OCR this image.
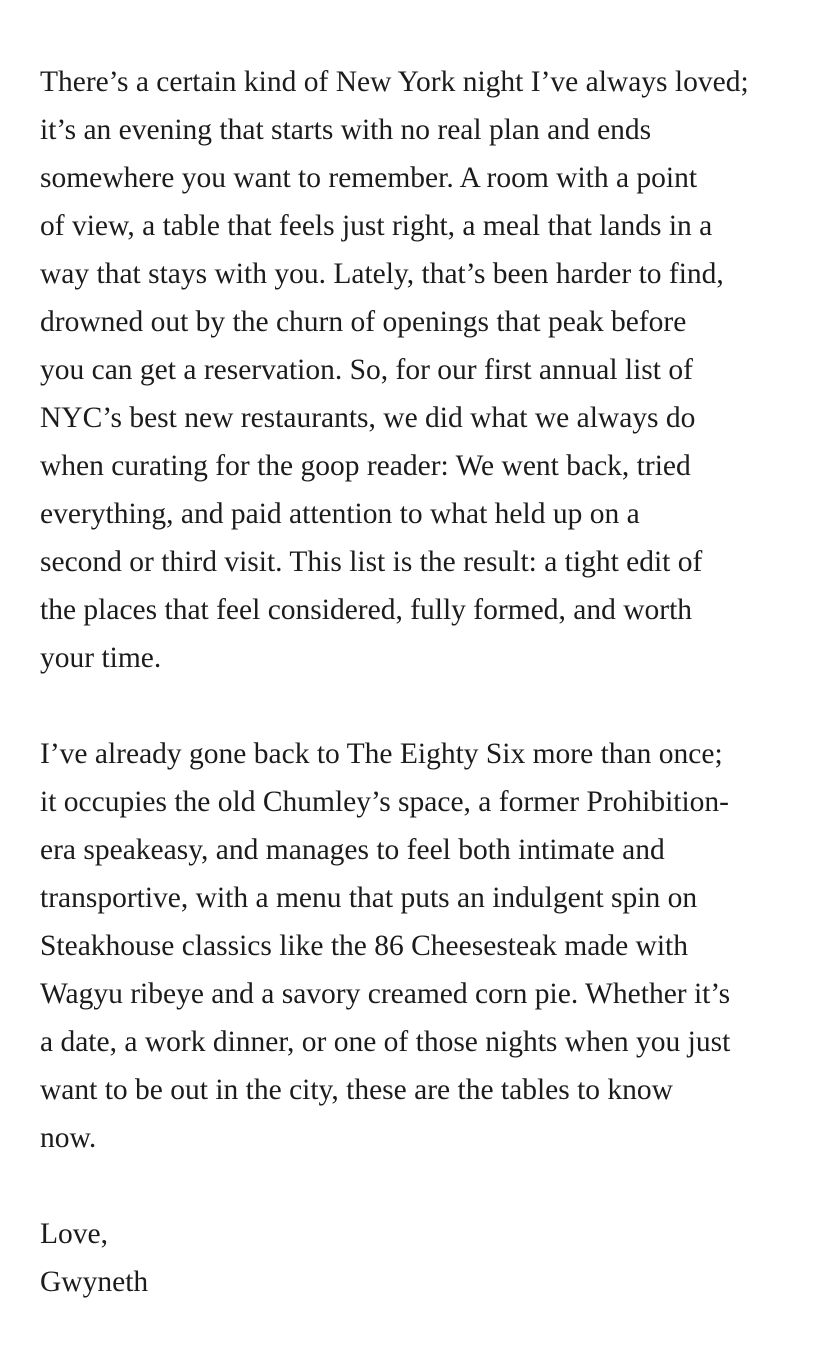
There’s a certain kind of New York night I’ve always loved;
it’s an evening that starts with no real plan and ends
somewhere you want to remember. A room with a point
of view, a table that feels just right, a meal that lands in a
way that stays with you. Lately, that’s been harder to find,
drowned out by the churn of openings that peak before
you can get a reservation. So, for our first annual list of
NYC’s best new restaurants, we did what we always do
when curating for the goop reader: We went back, tried
everything, and paid attention to what held up on a
second or third visit. This list is the result: a tight edit of
the places that feel considered, fully formed, and worth
your time.
I’ve already gone back to The Eighty Six more than once;
it occupies the old Chumley’s space, a former Prohibition-
era speakeasy, and manages to feel both intimate and
transportive, with a menu that puts an indulgent spin on
Steakhouse classics like the 86 Cheesesteak made with
Wagyu ribeye and a savory creamed corn pie. Whether it’s
a date, a work dinner, or one of those nights when you just
want to be out in the city, these are the tables to know
now.
Love,
Gwyneth
